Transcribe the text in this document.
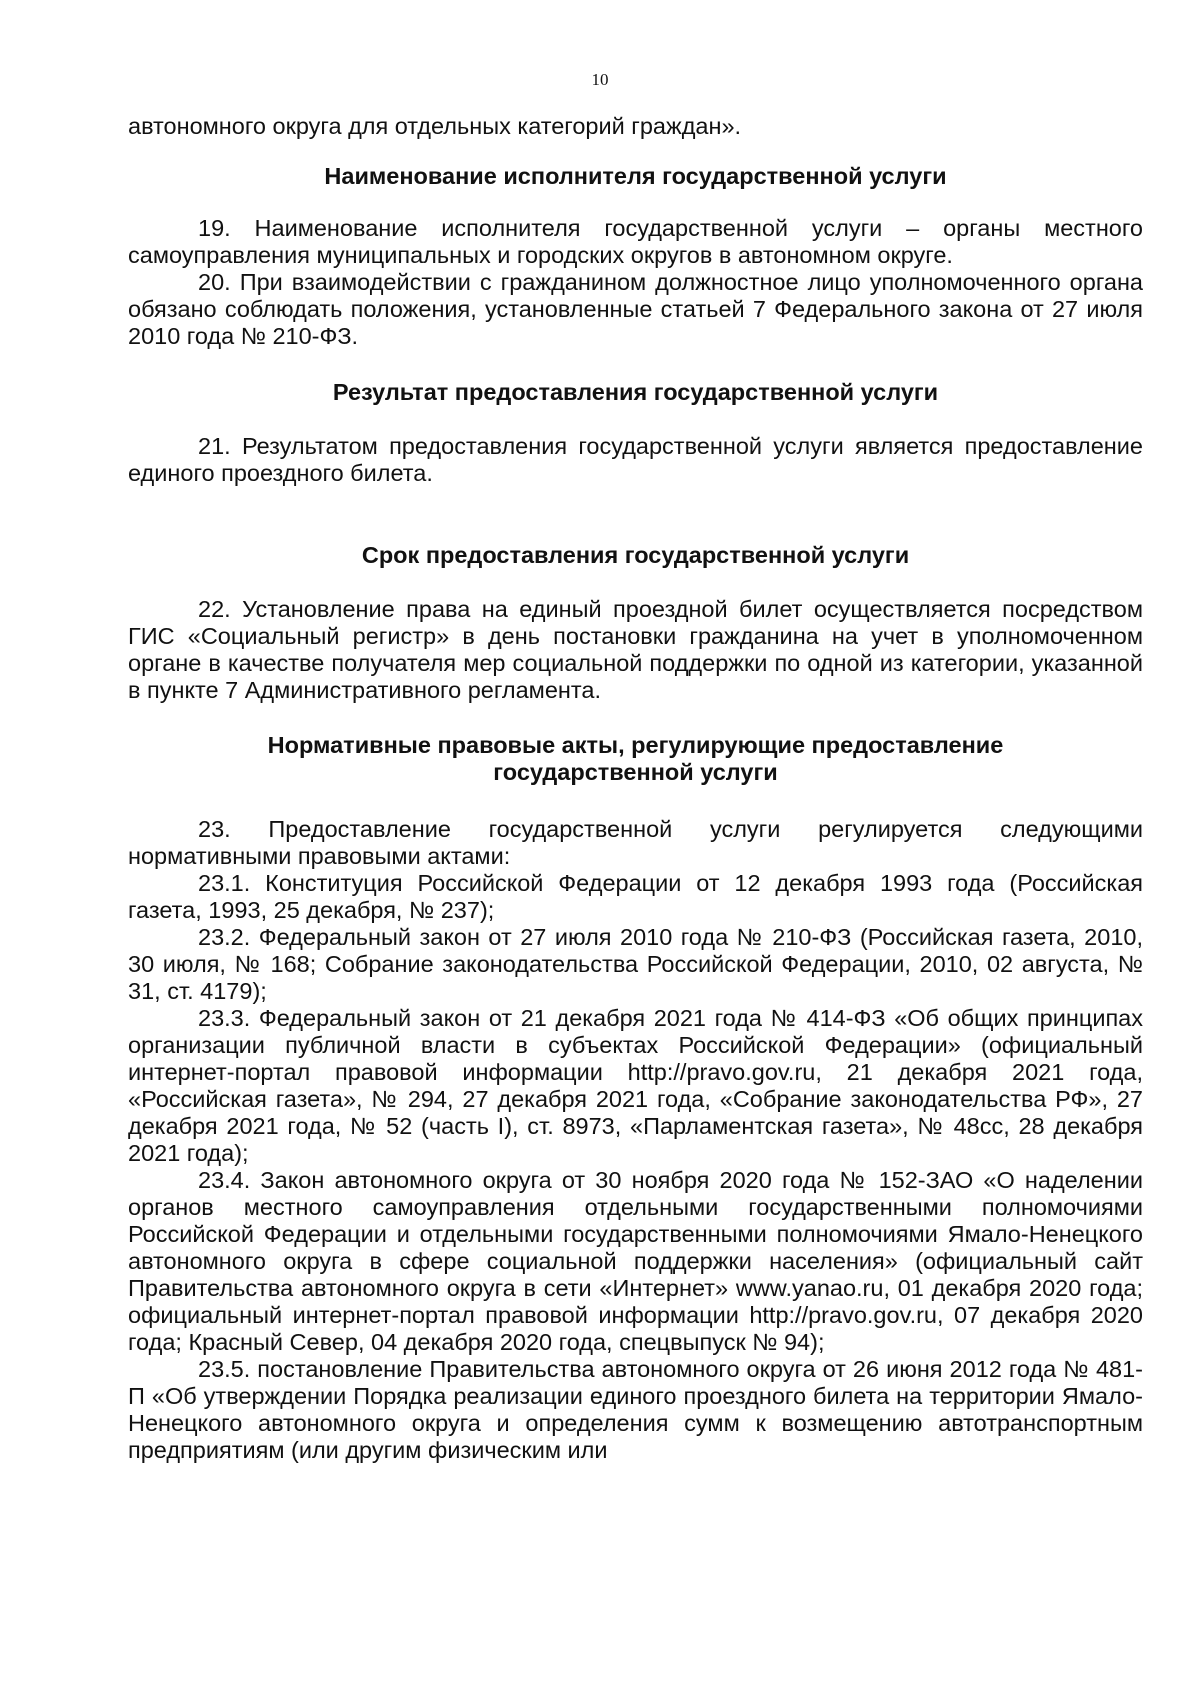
10

автономного округа для отдельных категорий граждан».

Наименование исполнителя государственной услуги

19. Наименование исполнителя государственной услуги – органы местного самоуправления муниципальных и городских округов в автономном округе.

20. При взаимодействии с гражданином должностное лицо уполномоченного органа обязано соблюдать положения, установленные статьей 7 Федерального закона от 27 июля 2010 года № 210-ФЗ.

Результат предоставления государственной услуги

21. Результатом предоставления государственной услуги является предоставление единого проездного билета.

Срок предоставления государственной услуги

22. Установление права на единый проездной билет осуществляется посредством ГИС «Социальный регистр» в день постановки гражданина на учет в уполномоченном органе в качестве получателя мер социальной поддержки по одной из категории, указанной в пункте 7 Административного регламента.

Нормативные правовые акты, регулирующие предоставление государственной услуги

23. Предоставление государственной услуги регулируется следующими нормативными правовыми актами:

23.1. Конституция Российской Федерации от 12 декабря 1993 года (Российская газета, 1993, 25 декабря, № 237);

23.2. Федеральный закон от 27 июля 2010 года № 210-ФЗ (Российская газета, 2010, 30 июля, № 168; Собрание законодательства Российской Федерации, 2010, 02 августа, № 31, ст. 4179);

23.3. Федеральный закон от 21 декабря 2021 года № 414-ФЗ «Об общих принципах организации публичной власти в субъектах Российской Федерации» (официальный интернет-портал правовой информации http://pravo.gov.ru, 21 декабря 2021 года, «Российская газета», № 294, 27 декабря 2021 года, «Собрание законодательства РФ», 27 декабря 2021 года, № 52 (часть I), ст. 8973, «Парламентская газета», № 48сс, 28 декабря 2021 года);

23.4. Закон автономного округа от 30 ноября 2020 года № 152-ЗАО «О наделении органов местного самоуправления отдельными государственными полномочиями Российской Федерации и отдельными государственными полномочиями Ямало-Ненецкого автономного округа в сфере социальной поддержки населения» (официальный сайт Правительства автономного округа в сети «Интернет» www.yanao.ru, 01 декабря 2020 года; официальный интернет-портал правовой информации http://pravo.gov.ru, 07 декабря 2020 года; Красный Север, 04 декабря 2020 года, спецвыпуск № 94);

23.5. постановление Правительства автономного округа от 26 июня 2012 года № 481-П «Об утверждении Порядка реализации единого проездного билета на территории Ямало-Ненецкого автономного округа и определения сумм к возмещению автотранспортным предприятиям (или другим физическим или
